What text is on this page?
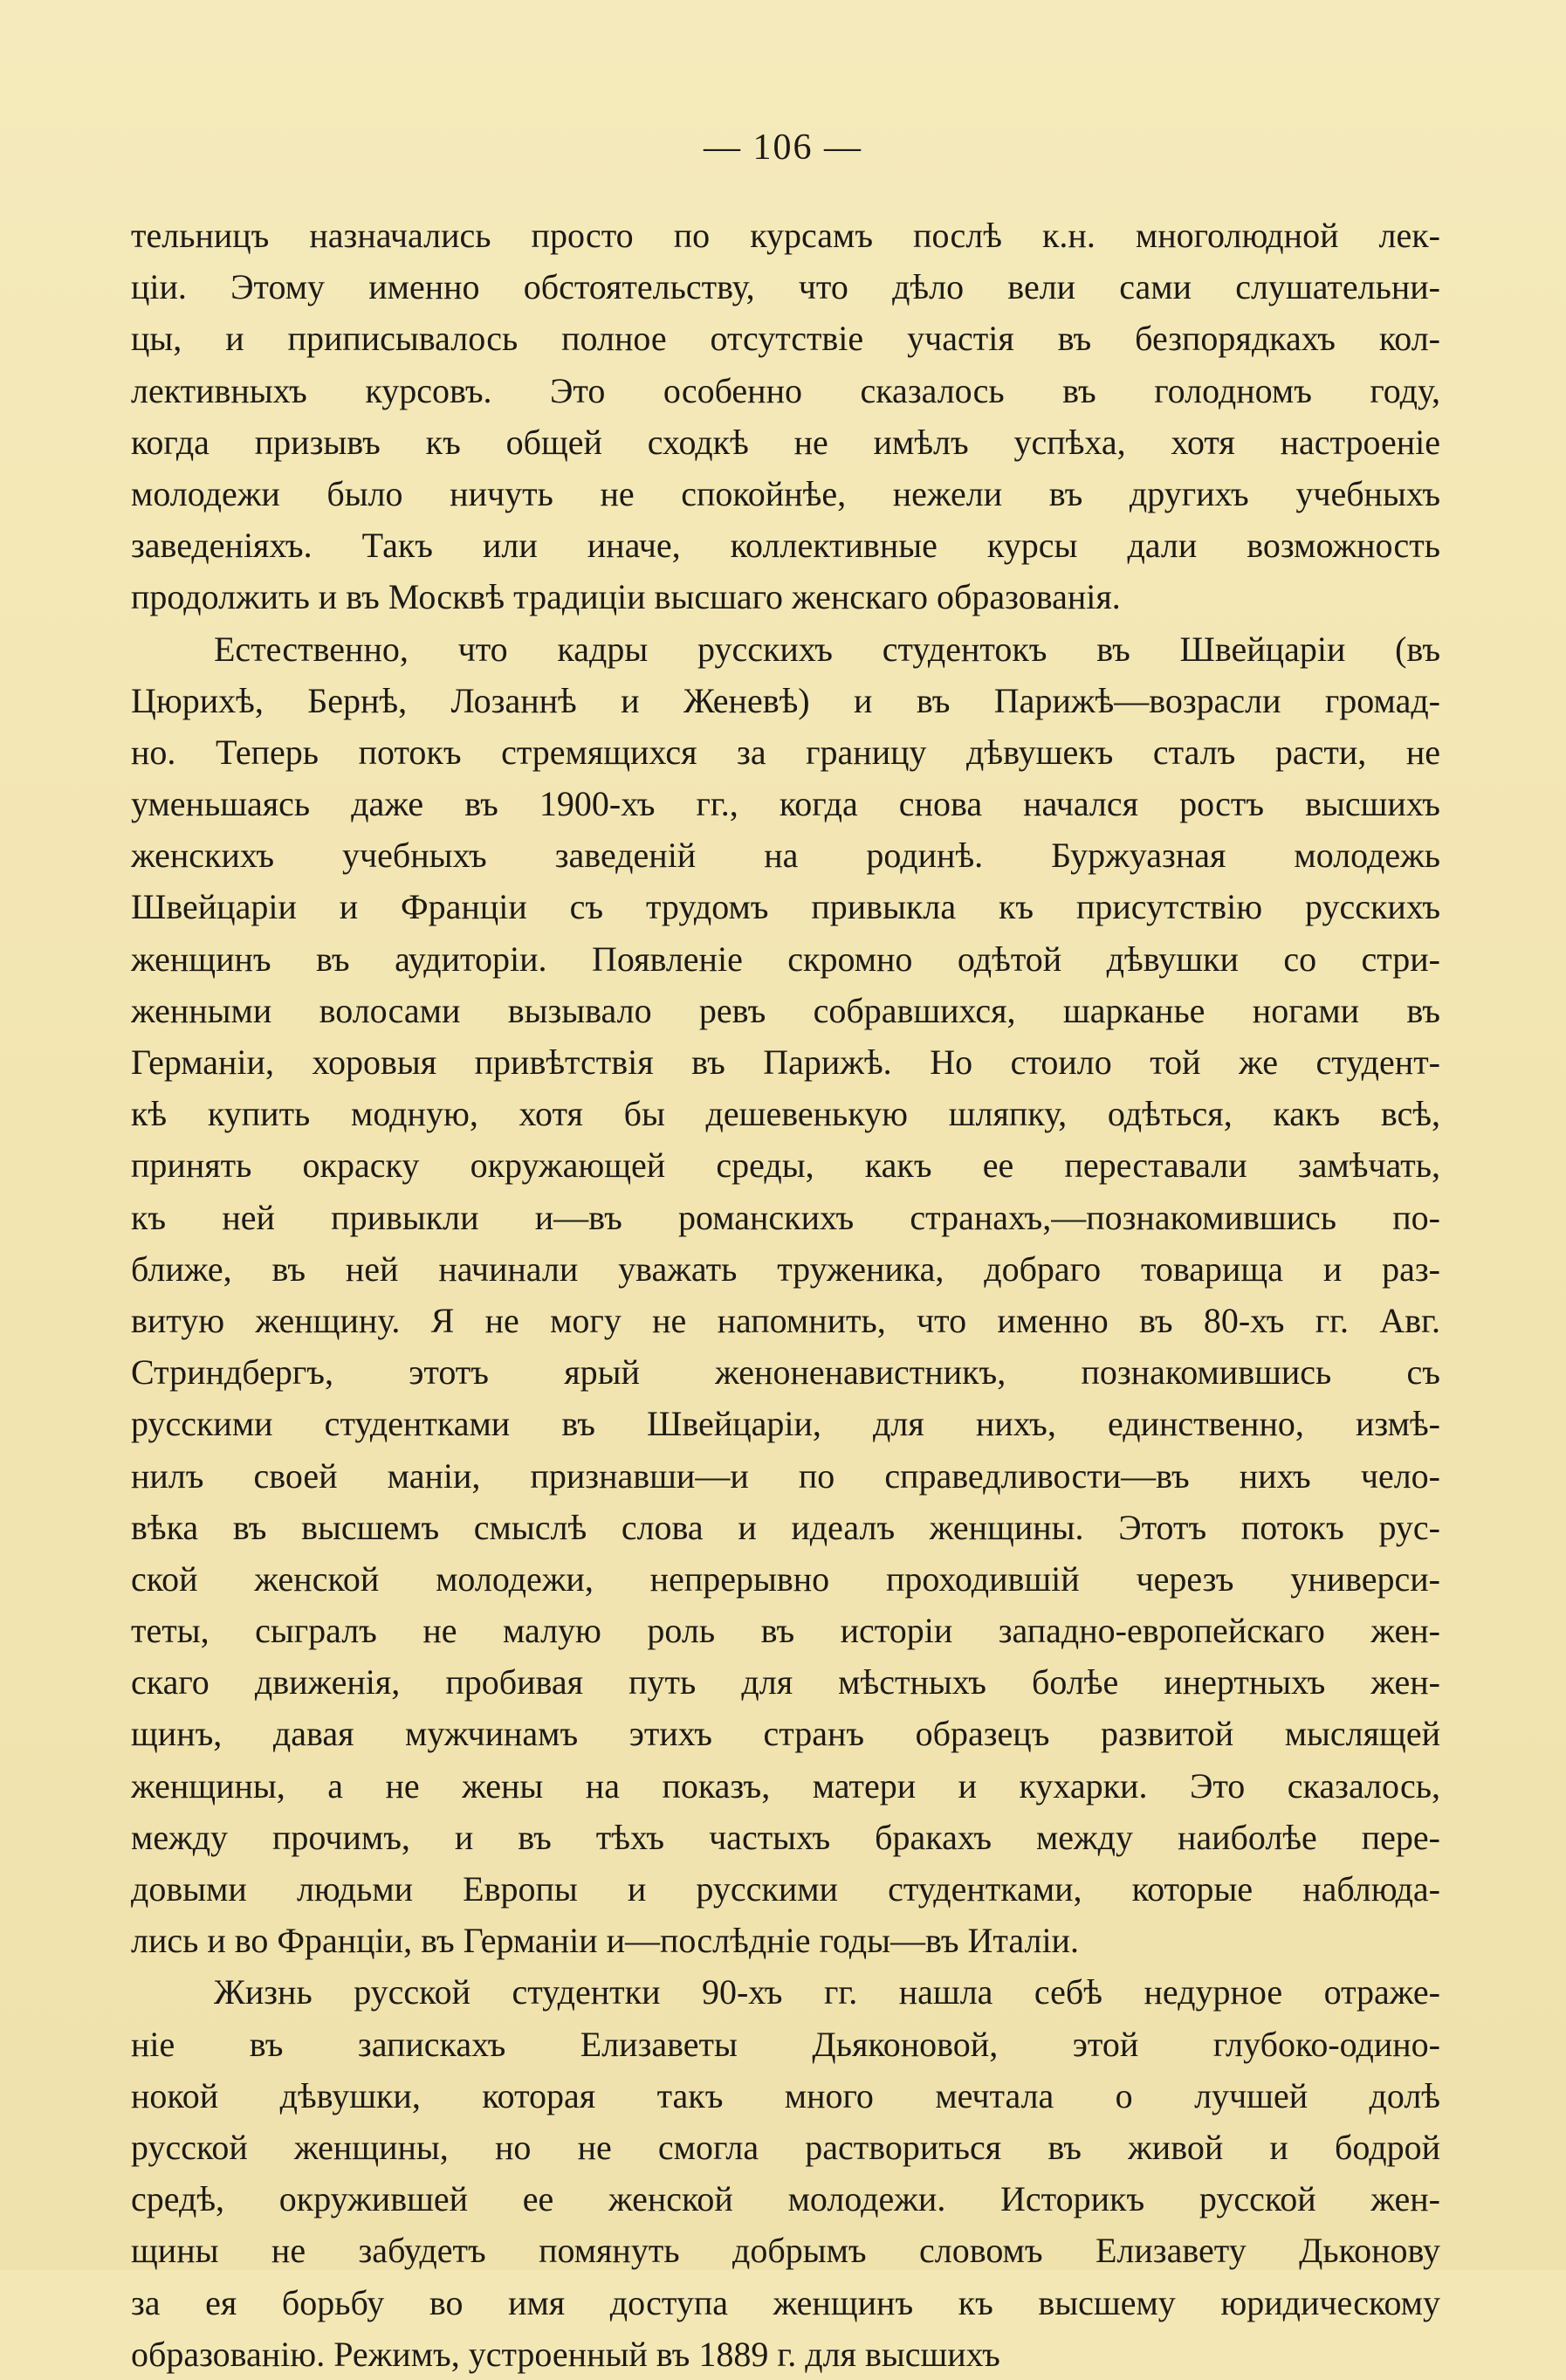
— 106 —
тельницъ назначались просто по курсамъ послѣ к.н. многолюдной лек-
ціи. Этому именно обстоятельству, что дѣло вели сами слушательни-
цы, и приписывалось полное отсутствіе участія въ безпорядкахъ кол-
лективныхъ курсовъ. Это особенно сказалось въ голодномъ году,
когда призывъ къ общей сходкѣ не имѣлъ успѣха, хотя настроеніе
молодежи было ничуть не спокойнѣе, нежели въ другихъ учебныхъ
заведеніяхъ. Такъ или иначе, коллективные курсы дали возможность
продолжить и въ Москвѣ традиціи высшаго женскаго образованія.
Естественно, что кадры русскихъ студентокъ въ Швейцаріи (въ
Цюрихѣ, Бернѣ, Лозаннѣ и Женевѣ) и въ Парижѣ—возрасли громад-
но. Теперь потокъ стремящихся за границу дѣвушекъ сталъ расти, не
уменьшаясь даже въ 1900-хъ гг., когда снова начался ростъ высшихъ
женскихъ учебныхъ заведеній на родинѣ. Буржуазная молодежь
Швейцаріи и Франціи съ трудомъ привыкла къ присутствію русскихъ
женщинъ въ аудиторіи. Появленіе скромно одѣтой дѣвушки со стри-
женными волосами вызывало ревъ собравшихся, шарканье ногами въ
Германіи, хоровыя привѣтствія въ Парижѣ. Но стоило той же студент-
кѣ купить модную, хотя бы дешевенькую шляпку, одѣться, какъ всѣ,
принять окраску окружающей среды, какъ ее переставали замѣчать,
къ ней привыкли и—въ романскихъ странахъ,—познакомившись по-
ближе, въ ней начинали уважать труженика, добраго товарища и раз-
витую женщину. Я не могу не напомнить, что именно въ 80-хъ гг. Авг.
Стриндбергъ, этотъ ярый женоненавистникъ, познакомившись съ
русскими студентками въ Швейцаріи, для нихъ, единственно, измѣ-
нилъ своей маніи, признавши—и по справедливости—въ нихъ чело-
вѣка въ высшемъ смыслѣ слова и идеалъ женщины. Этотъ потокъ рус-
ской женской молодежи, непрерывно проходившій черезъ универси-
теты, сыгралъ не малую роль въ исторіи западно-европейскаго жен-
скаго движенія, пробивая путь для мѣстныхъ болѣе инертныхъ жен-
щинъ, давая мужчинамъ этихъ странъ образецъ развитой мыслящей
женщины, а не жены на показъ, матери и кухарки. Это сказалось,
между прочимъ, и въ тѣхъ частыхъ бракахъ между наиболѣе пере-
довыми людьми Европы и русскими студентками, которые наблюда-
лись и во Франціи, въ Германіи и—послѣдніе годы—въ Италіи.
Жизнь русской студентки 90-хъ гг. нашла себѣ недурное отраже-
ніе въ запискахъ Елизаветы Дьяконовой, этой глубоко-одино-
нокой дѣвушки, которая такъ много мечтала о лучшей долѣ
русской женщины, но не смогла раствориться въ живой и бодрой
средѣ, окружившей ее женской молодежи. Историкъ русской жен-
щины не забудетъ помянуть добрымъ словомъ Елизавету Дьконову
за ея борьбу во имя доступа женщинъ къ высшему юридическому
образованію. Режимъ, устроенный въ 1889 г. для высшихъ
